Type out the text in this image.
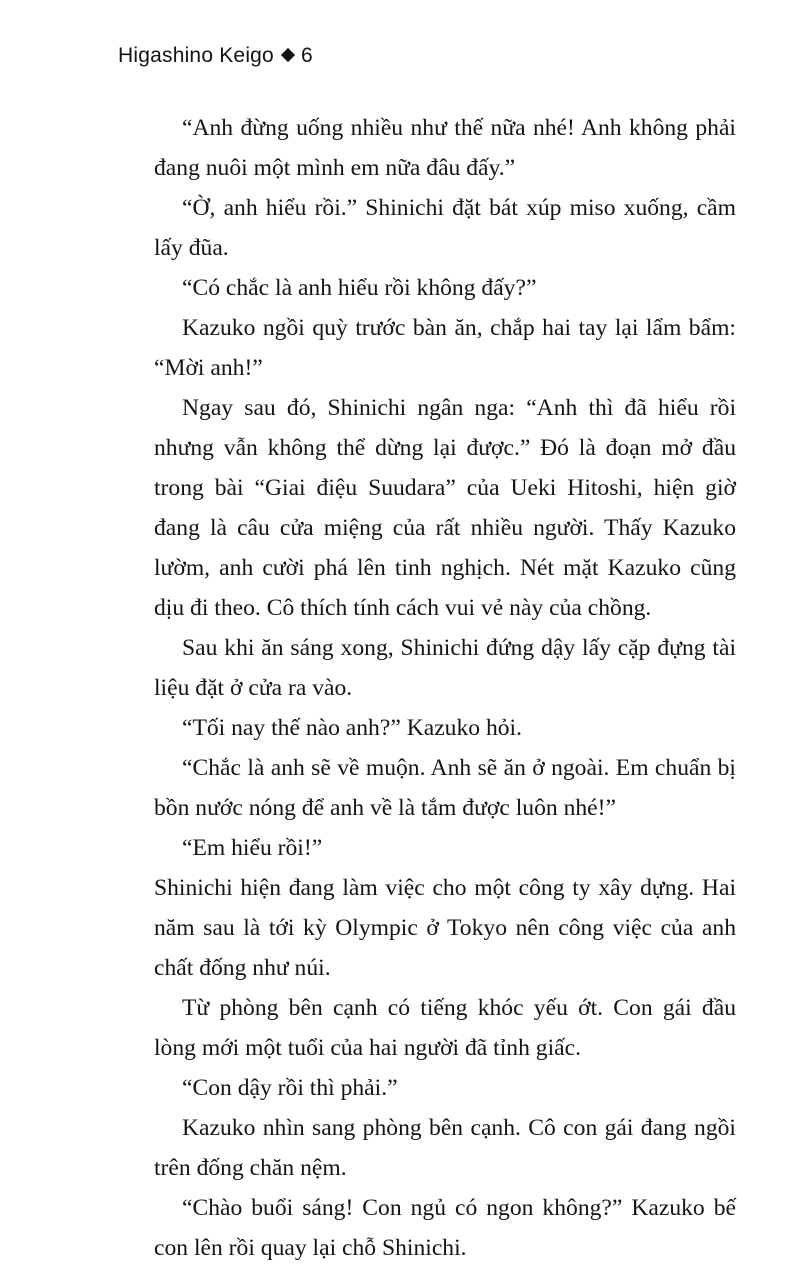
Higashino Keigo 6

“Anh đừng uống nhiều như thế nữa nhé! Anh không phải đang nuôi một mình em nữa đâu đấy.”

“Ờ, anh hiểu rồi.” Shinichi đặt bát xúp miso xuống, cầm lấy đũa.

“Có chắc là anh hiểu rồi không đấy?”

Kazuko ngồi quỳ trước bàn ăn, chắp hai tay lại lẩm bẩm: “Mời anh!”

Ngay sau đó, Shinichi ngân nga: “Anh thì đã hiểu rồi nhưng vẫn không thể dừng lại được.” Đó là đoạn mở đầu trong bài “Giai điệu Suudara” của Ueki Hitoshi, hiện giờ đang là câu cửa miệng của rất nhiều người. Thấy Kazuko lườm, anh cười phá lên tinh nghịch. Nét mặt Kazuko cũng dịu đi theo. Cô thích tính cách vui vẻ này của chồng.

Sau khi ăn sáng xong, Shinichi đứng dậy lấy cặp đựng tài liệu đặt ở cửa ra vào.

“Tối nay thế nào anh?” Kazuko hỏi.

“Chắc là anh sẽ về muộn. Anh sẽ ăn ở ngoài. Em chuẩn bị bồn nước nóng để anh về là tắm được luôn nhé!”

“Em hiểu rồi!”

Shinichi hiện đang làm việc cho một công ty xây dựng. Hai năm sau là tới kỳ Olympic ở Tokyo nên công việc của anh chất đống như núi.

Từ phòng bên cạnh có tiếng khóc yếu ớt. Con gái đầu lòng mới một tuổi của hai người đã tỉnh giấc.

“Con dậy rồi thì phải.”

Kazuko nhìn sang phòng bên cạnh. Cô con gái đang ngồi trên đống chăn nệm.

“Chào buổi sáng! Con ngủ có ngon không?” Kazuko bế con lên rồi quay lại chỗ Shinichi.
